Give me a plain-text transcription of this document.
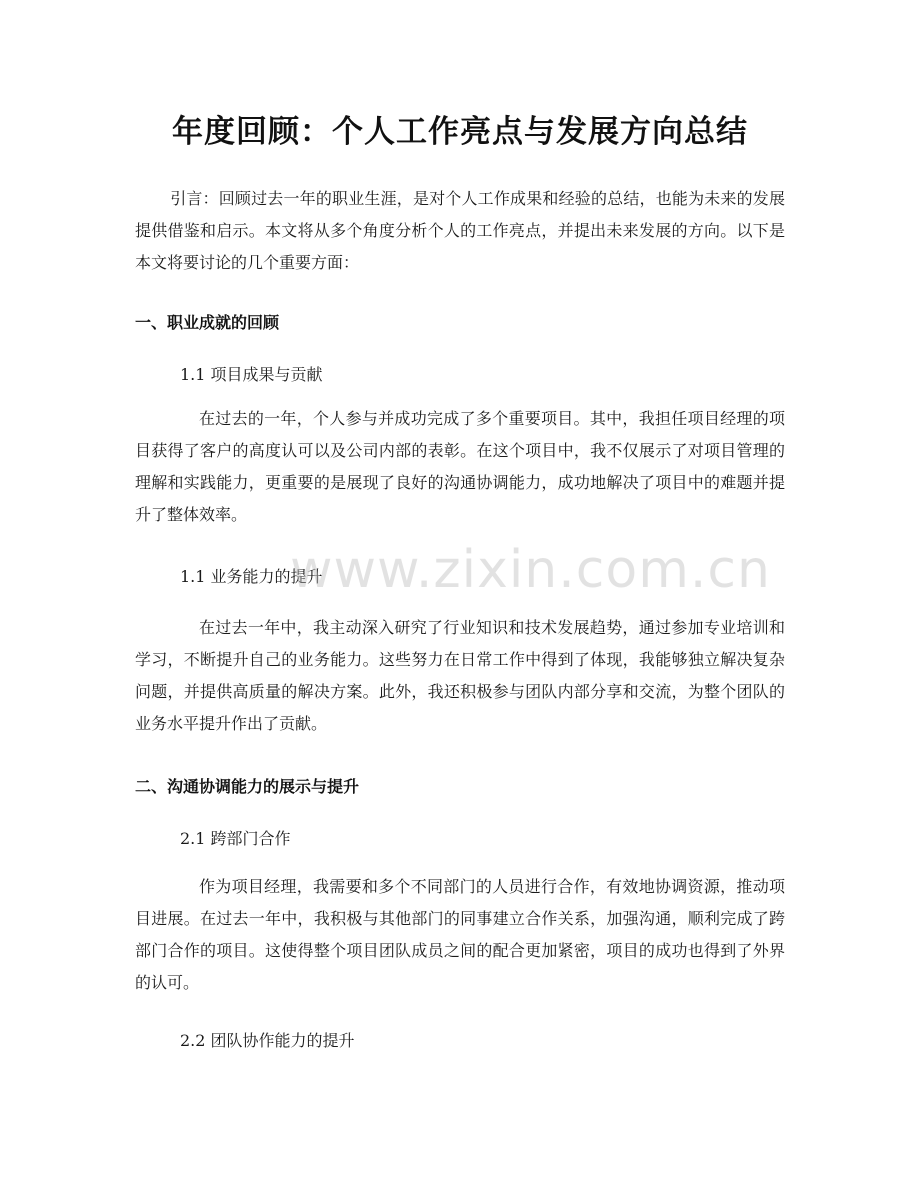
年度回顾：个人工作亮点与发展方向总结

引言：回顾过去一年的职业生涯，是对个人工作成果和经验的总结，也能为未来的发展提供借鉴和启示。本文将从多个角度分析个人的工作亮点，并提出未来发展的方向。以下是本文将要讨论的几个重要方面：

一、职业成就的回顾
1.1 项目成果与贡献

在过去的一年，个人参与并成功完成了多个重要项目。其中，我担任项目经理的项目获得了客户的高度认可以及公司内部的表彰。在这个项目中，我不仅展示了对项目管理的理解和实践能力，更重要的是展现了良好的沟通协调能力，成功地解决了项目中的难题并提升了整体效率。

1.1 业务能力的提升

在过去一年中，我主动深入研究了行业知识和技术发展趋势，通过参加专业培训和学习，不断提升自己的业务能力。这些努力在日常工作中得到了体现，我能够独立解决复杂问题，并提供高质量的解决方案。此外，我还积极参与团队内部分享和交流，为整个团队的业务水平提升作出了贡献。

二、沟通协调能力的展示与提升
2.1 跨部门合作

作为项目经理，我需要和多个不同部门的人员进行合作，有效地协调资源，推动项目进展。在过去一年中，我积极与其他部门的同事建立合作关系，加强沟通，顺利完成了跨部门合作的项目。这使得整个项目团队成员之间的配合更加紧密，项目的成功也得到了外界的认可。

2.2 团队协作能力的提升
www.zixin.com.cn
